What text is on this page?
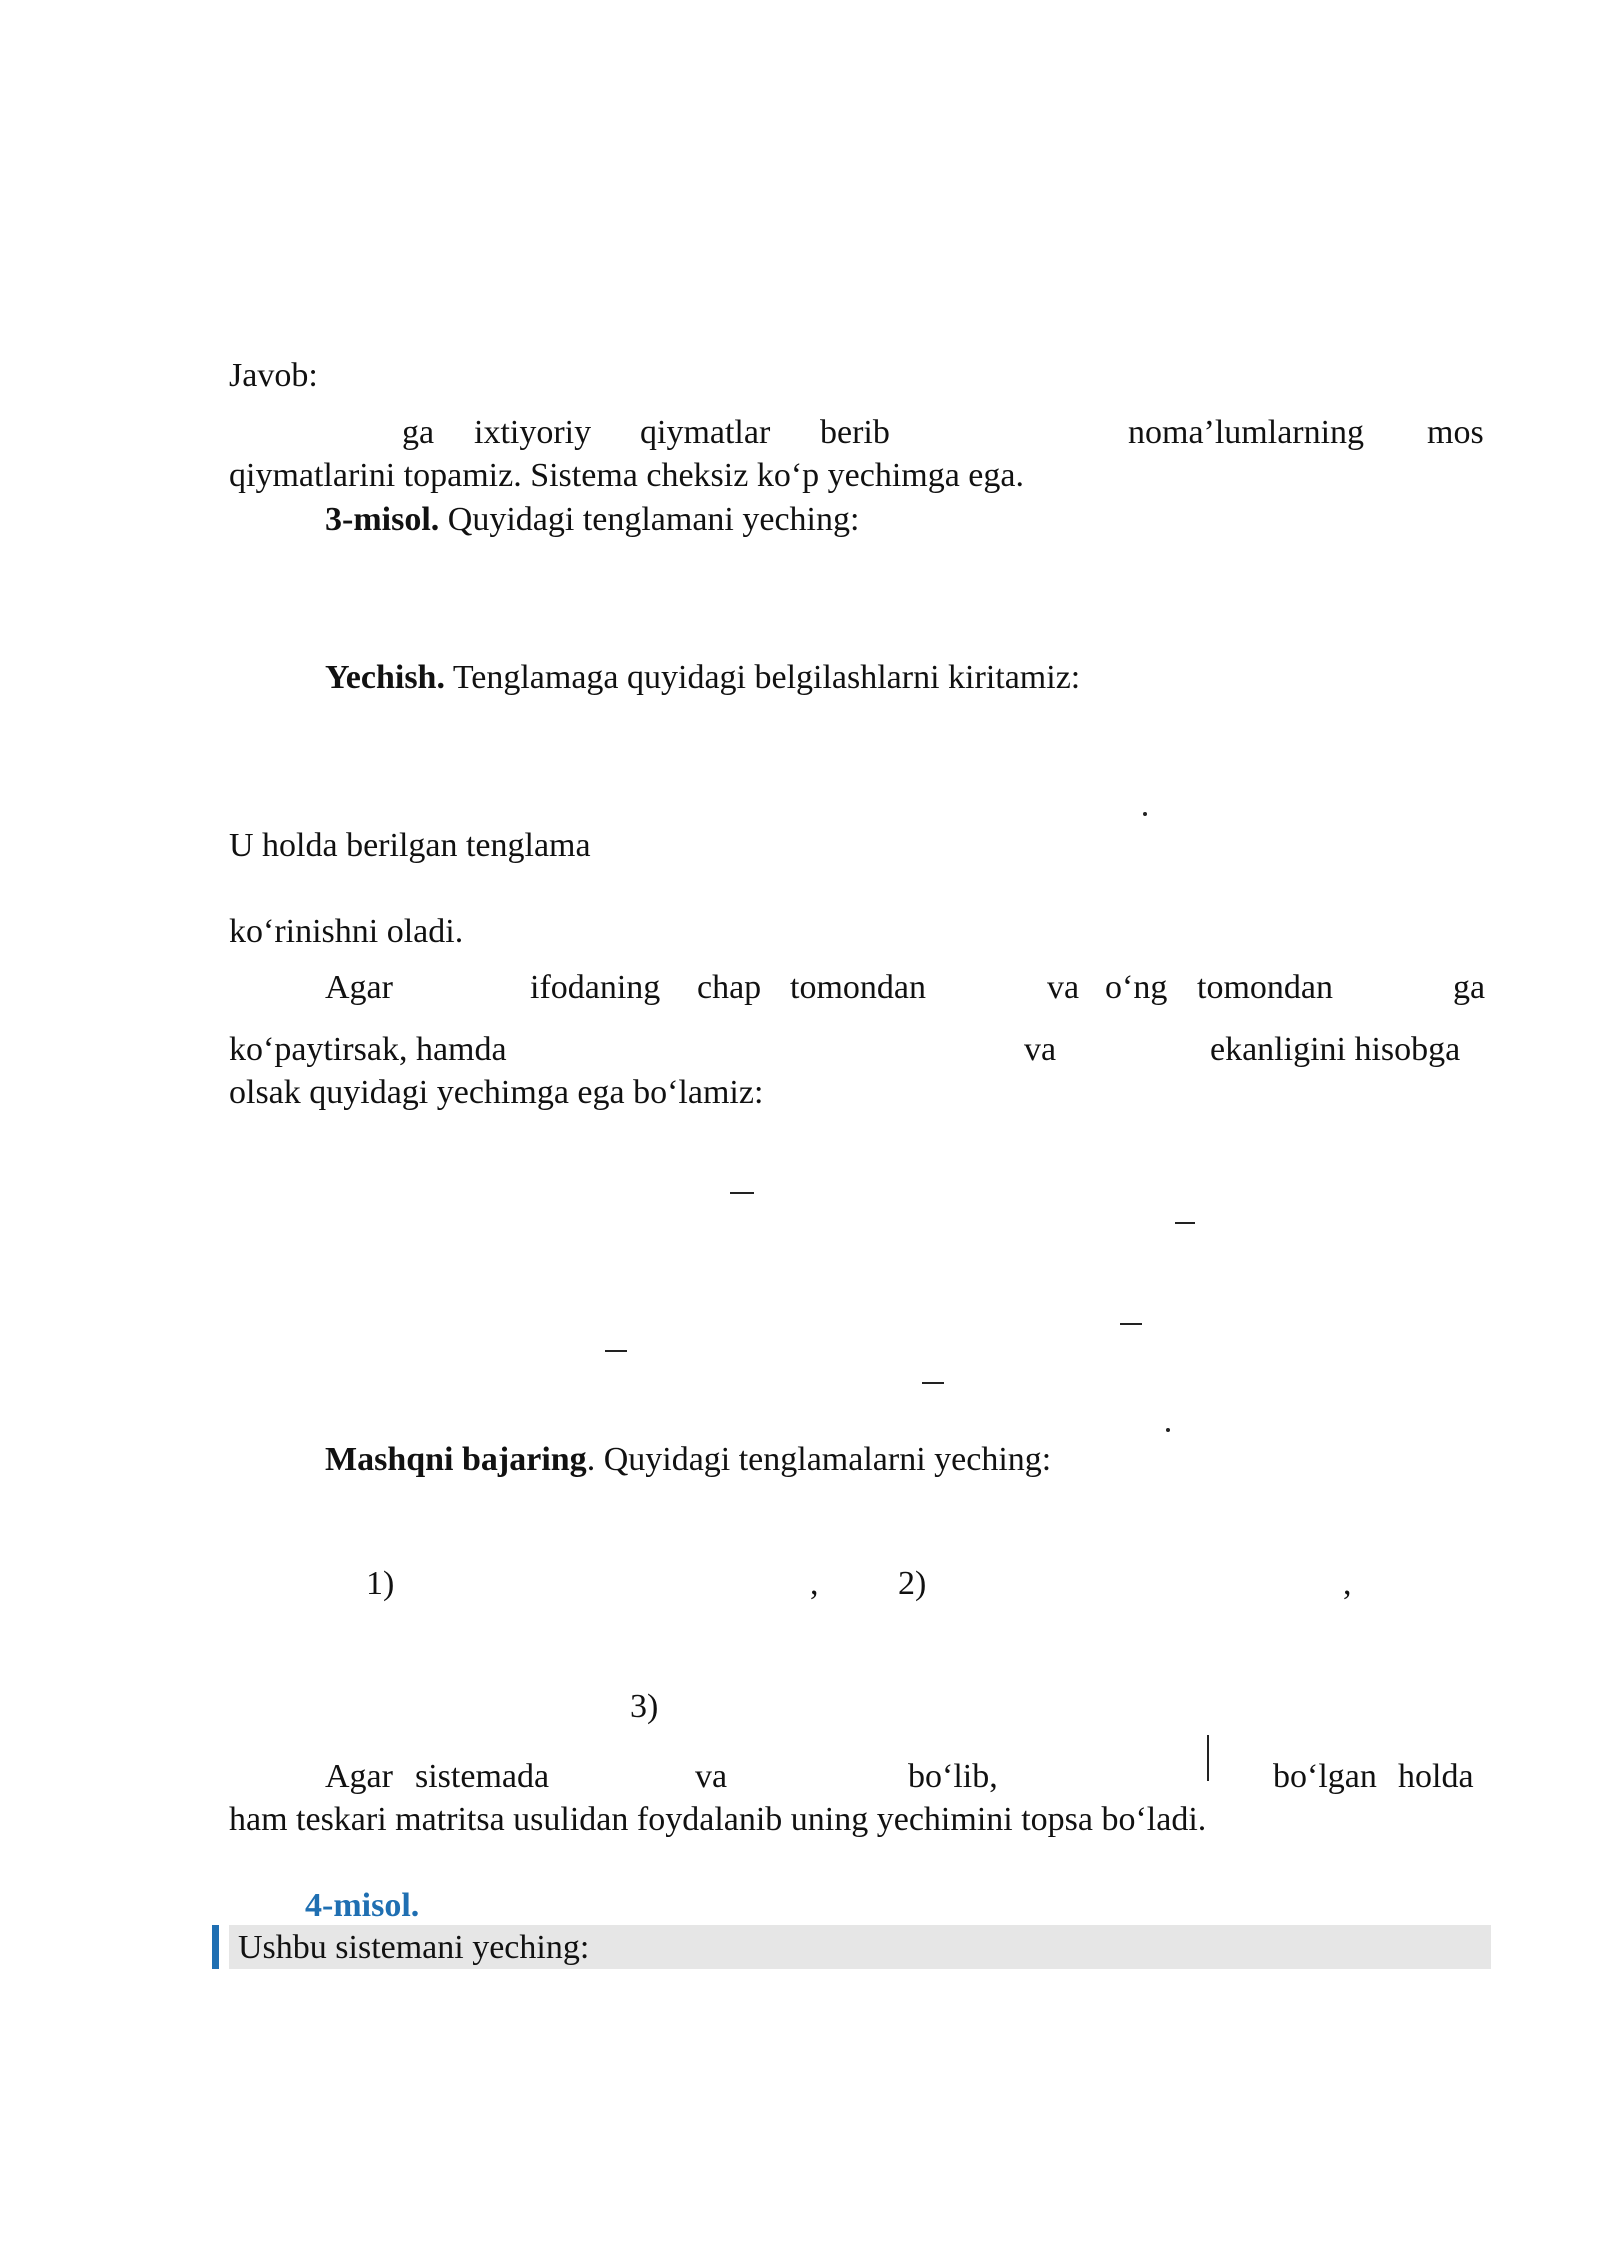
Javob:
ga ixtiyoriy qiymatlar berib	noma’lumlarning mos
qiymatlarini topamiz. Sistema cheksiz ko‘p yechimga ega.
3-misol. Quyidagi tenglamani yeching:
Yechish. Tenglamaga quyidagi belgilashlarni kiritamiz:
U holda berilgan tenglama
ko‘rinishni oladi.
Agar	ifodaning chap tomondan	va o‘ng tomondan	ga
ko‘paytirsak, hamda	va	ekanligini hisobga
olsak quyidagi yechimga ega bo‘lamiz:
Mashqni bajaring. Quyidagi tenglamalarni yeching:
1)	, 2)	,
3)
Agar sistemada	va	bo‘lib,	bo‘lgan holda
ham teskari matritsa usulidan foydalanib uning yechimini topsa bo‘ladi.
4-misol.
Ushbu sistemani yeching:
